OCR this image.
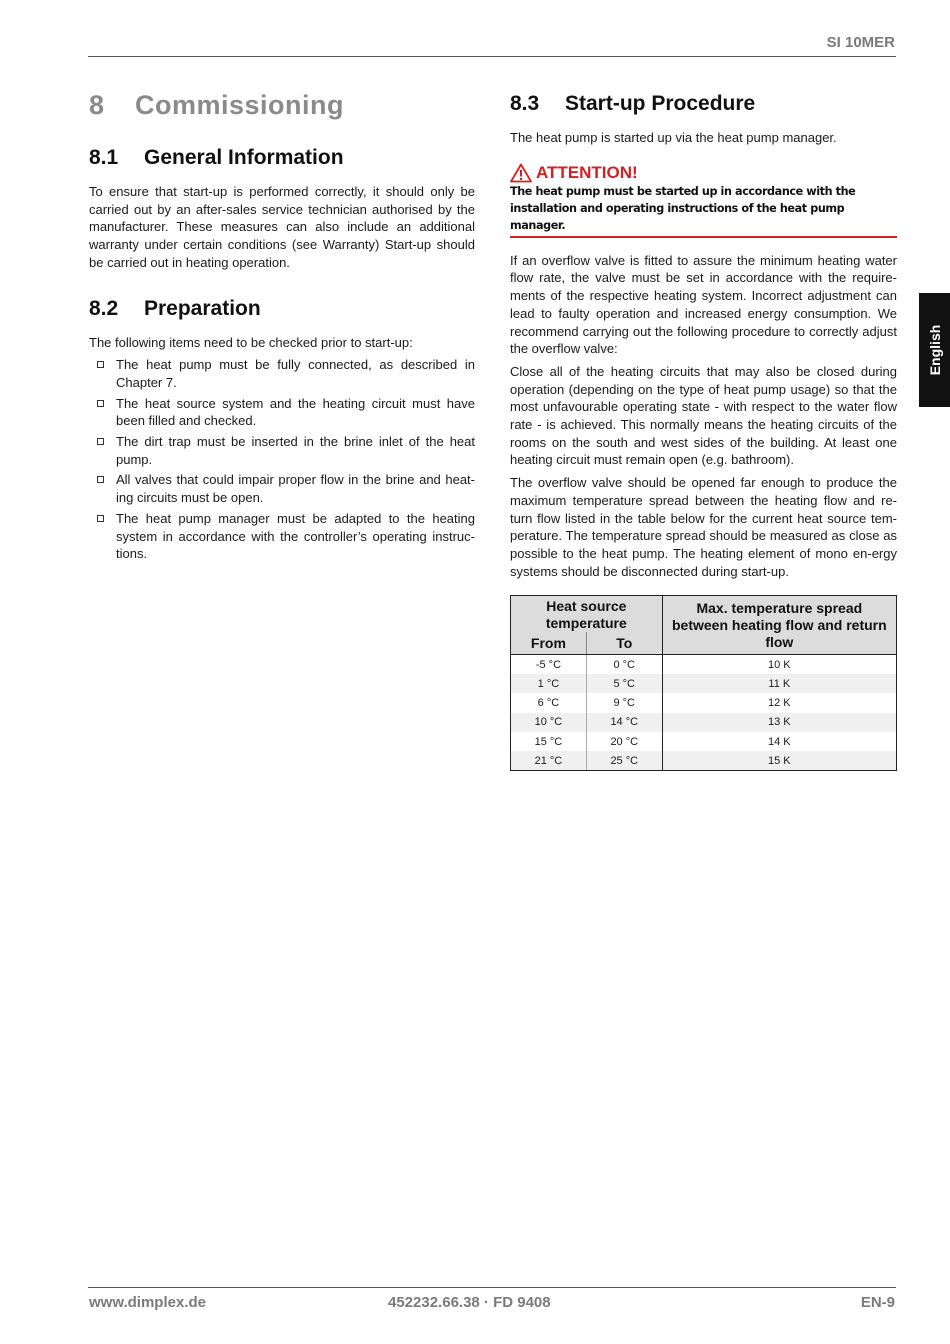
SI 10MER
8 Commissioning
8.1 General Information

To ensure that start-up is performed correctly, it should only be carried out by an after-sales service technician authorised by the manufacturer. These measures can also include an additional warranty under certain conditions (see Warranty) Start-up should be carried out in heating operation.

8.2 Preparation

The following items need to be checked prior to start-up:

The heat pump must be fully connected, as described in Chapter 7.
The heat source system and the heating circuit must have been filled and checked.
The dirt trap must be inserted in the brine inlet of the heat pump.
All valves that could impair proper flow in the brine and heat-ing circuits must be open.
The heat pump manager must be adapted to the heating system in accordance with the controller’s operating instruc-tions.
8.3 Start-up Procedure

The heat pump is started up via the heat pump manager.

ATTENTION!
The heat pump must be started up in accordance with the installation and operating instructions of the heat pump manager.

If an overflow valve is fitted to assure the minimum heating water flow rate, the valve must be set in accordance with the require-ments of the respective heating system. Incorrect adjustment can lead to faulty operation and increased energy consumption. We recommend carrying out the following procedure to correctly adjust the overflow valve:

Close all of the heating circuits that may also be closed during operation (depending on the type of heat pump usage) so that the most unfavourable operating state - with respect to the water flow rate - is achieved. This normally means the heating circuits of the rooms on the south and west sides of the building. At least one heating circuit must remain open (e.g. bathroom).

The overflow valve should be opened far enough to produce the maximum temperature spread between the heating flow and re-turn flow listed in the table below for the current heat source tem-perature. The temperature spread should be measured as close as possible to the heat pump. The heating element of mono en-ergy systems should be disconnected during start-up.

Heat source temperature		Max. temperature spread between heating flow and return flow
From	To	
-5 °C	0 °C	10 K
1 °C	5 °C	11 K
6 °C	9 °C	12 K
10 °C	14 °C	13 K
15 °C	20 °C	14 K
21 °C	25 °C	15 K
English
www.dimplex.de	452232.66.38 · FD 9408	EN-9
